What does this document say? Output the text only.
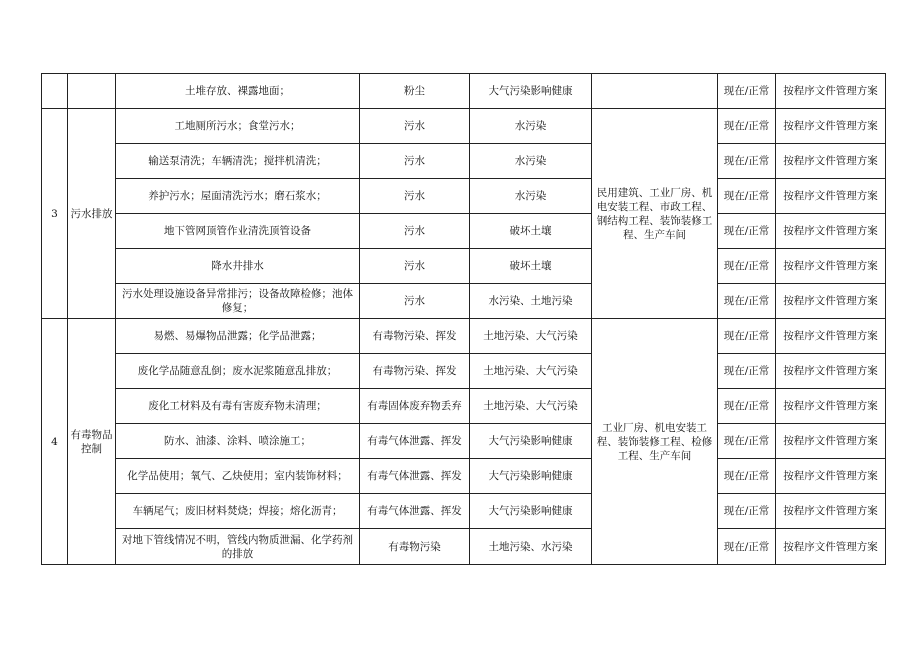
		土堆存放、裸露地面；	粉尘	大气污染影响健康		现在/正常	按程序文件管理方案
3	污水排放	工地厕所污水；食堂污水；	污水	水污染	民用建筑、工业厂房、机电安装工程、市政工程、钢结构工程、装饰装修工程、生产车间	现在/正常	按程序文件管理方案
		输送泵清洗；车辆清洗；搅拌机清洗；	污水	水污染		现在/正常	按程序文件管理方案
		养护污水；屋面清洗污水；磨石浆水；	污水	水污染		现在/正常	按程序文件管理方案
		地下管网顶管作业清洗顶管设备	污水	破坏土壤		现在/正常	按程序文件管理方案
		降水井排水	污水	破坏土壤		现在/正常	按程序文件管理方案
		污水处理设施设备异常排污；设备故障检修；池体修复；	污水	水污染、土地污染		现在/正常	按程序文件管理方案
4	有毒物品控制	易燃、易爆物品泄露；化学品泄露；	有毒物污染、挥发	土地污染、大气污染	工业厂房、机电安装工程、装饰装修工程、检修工程、生产车间	现在/正常	按程序文件管理方案
		废化学品随意乱倒；废水泥浆随意乱排放；	有毒物污染、挥发	土地污染、大气污染		现在/正常	按程序文件管理方案
		废化工材料及有毒有害废弃物未清理；	有毒固体废弃物丢弃	土地污染、大气污染		现在/正常	按程序文件管理方案
		防水、油漆、涂料、喷涂施工；	有毒气体泄露、挥发	大气污染影响健康		现在/正常	按程序文件管理方案
		化学品使用；氧气、乙炔使用；室内装饰材料；	有毒气体泄露、挥发	大气污染影响健康		现在/正常	按程序文件管理方案
		车辆尾气；废旧材料焚烧；焊接；熔化沥青；	有毒气体泄露、挥发	大气污染影响健康		现在/正常	按程序文件管理方案
		对地下管线情况不明，管线内物质泄漏、化学药剂的排放	有毒物污染	土地污染、水污染		现在/正常	按程序文件管理方案
